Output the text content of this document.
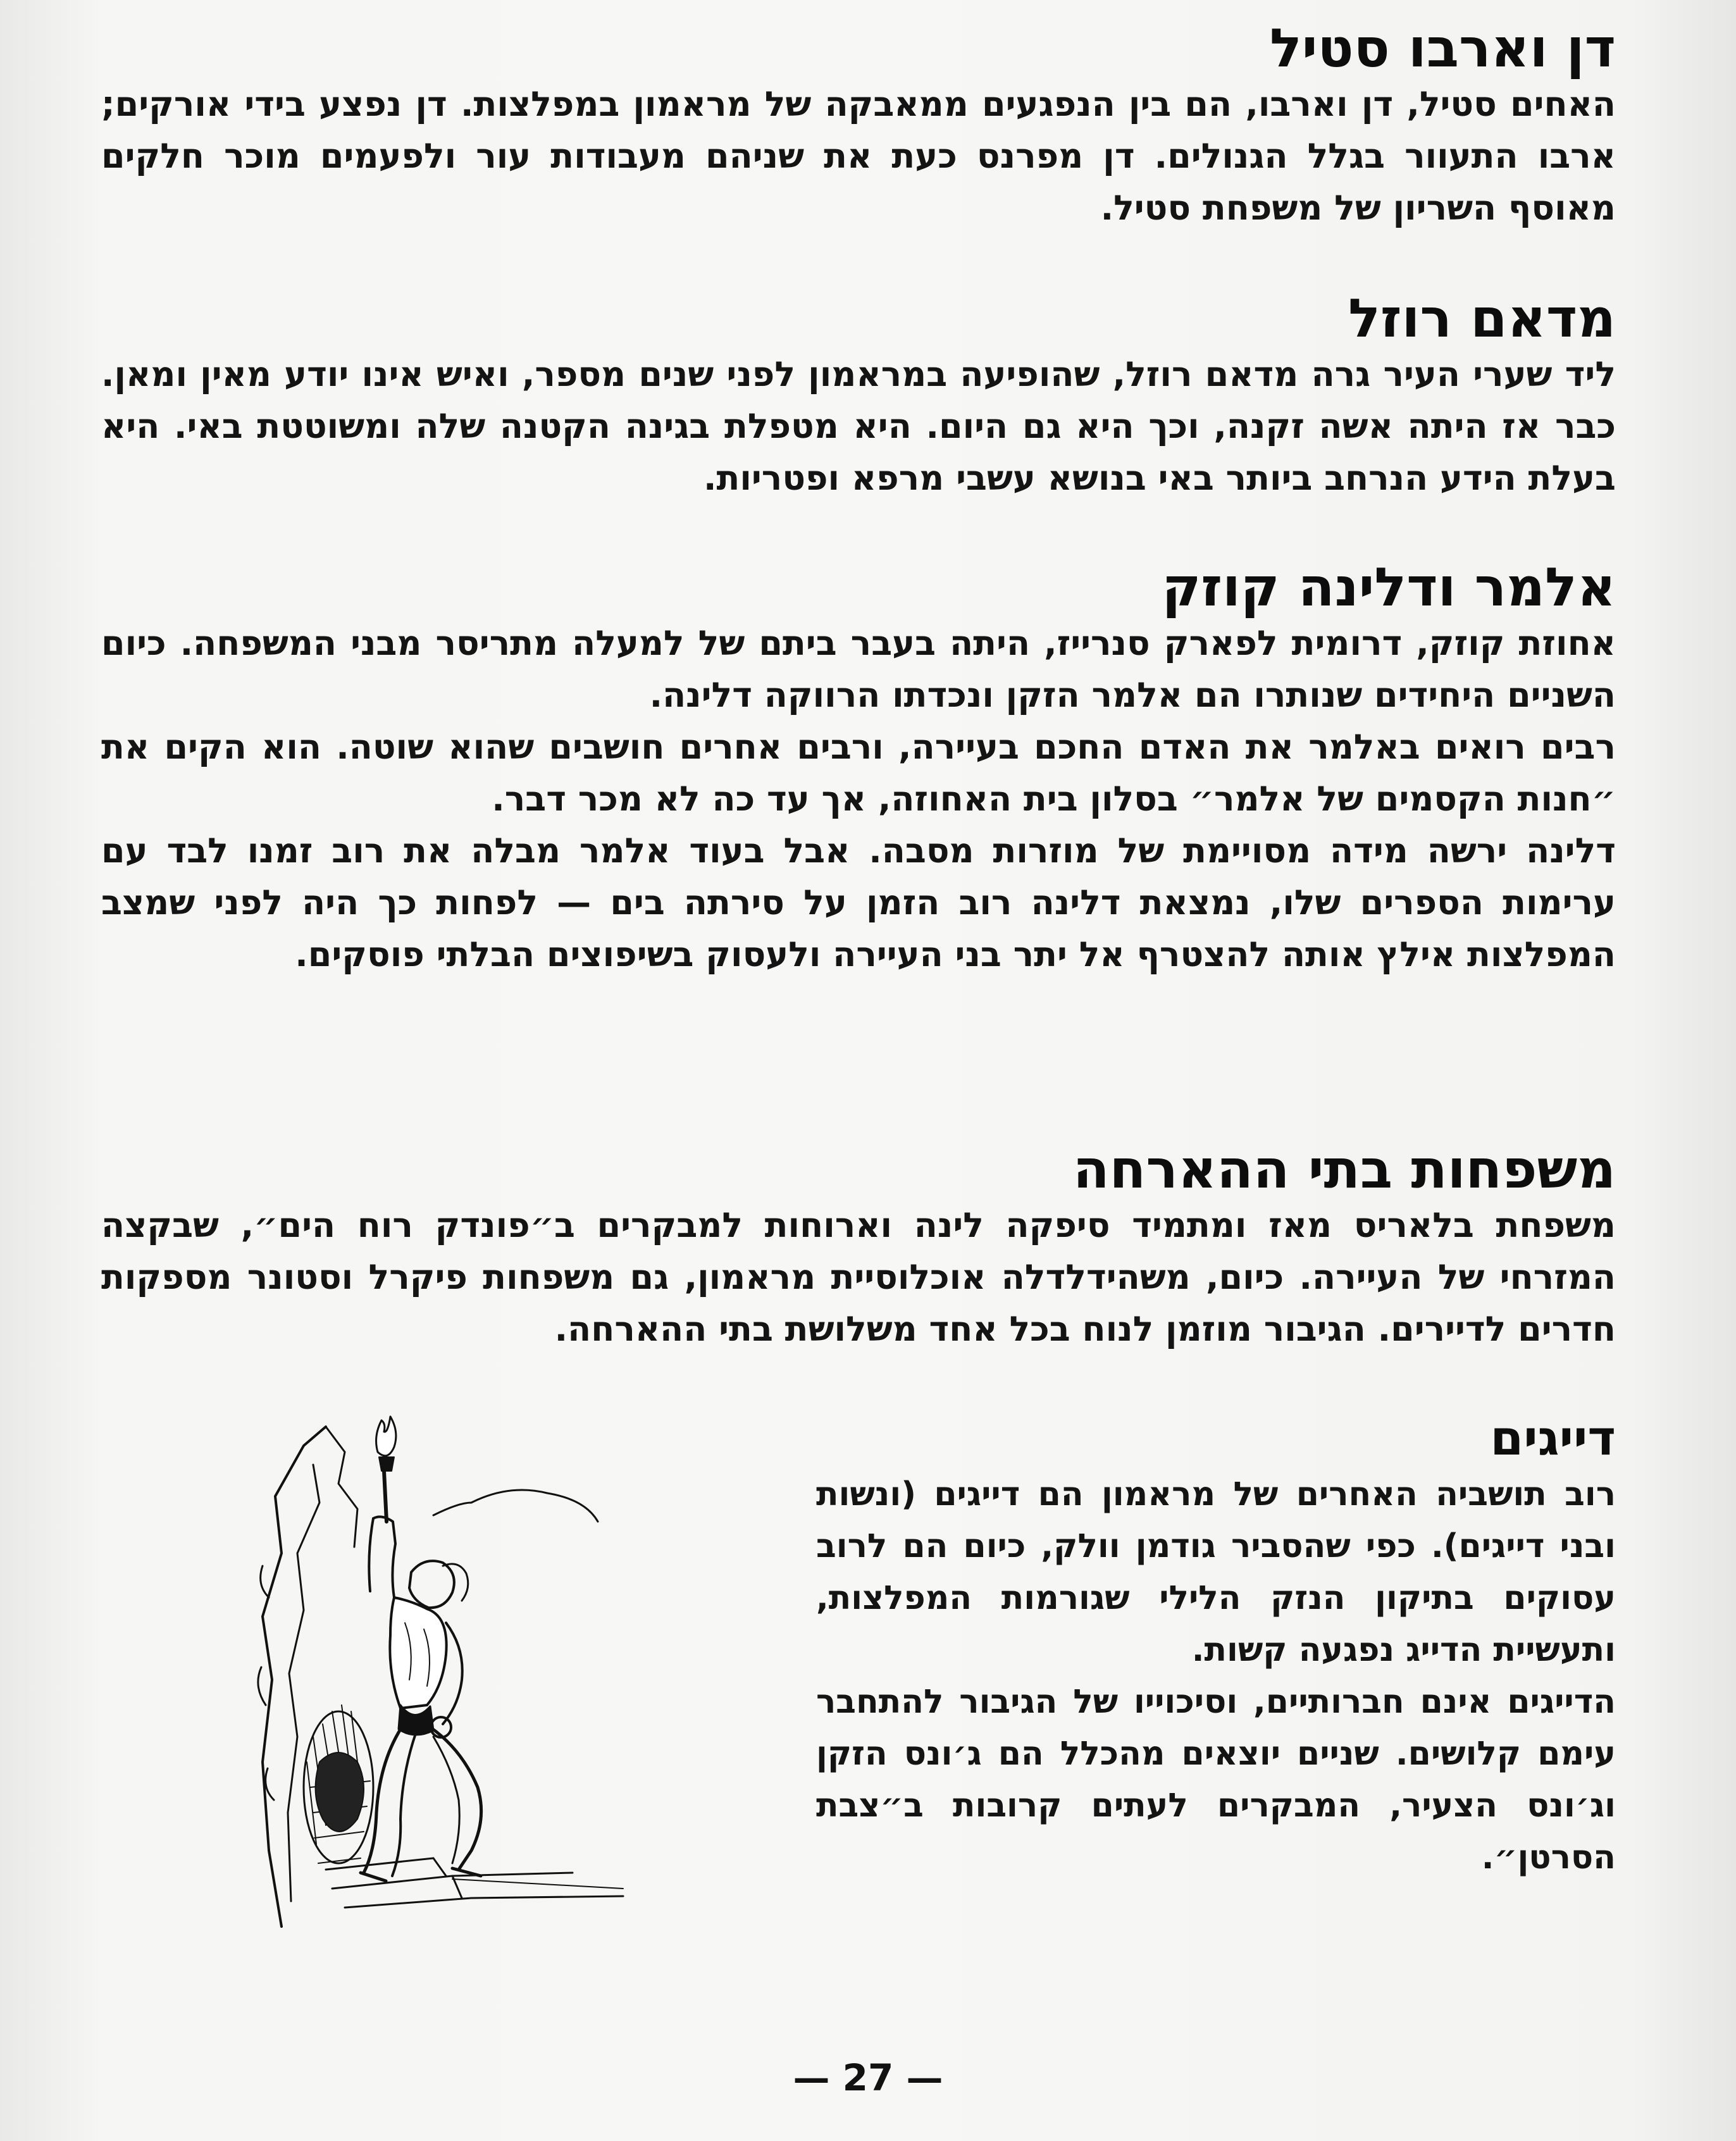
דן וארבו סטיל

האחים סטיל, דן וארבו, הם בין הנפגעים ממאבקה של מראמון במפלצות. דן נפצע בידי אורקים; ארבו התעוור בגלל הגנולים. דן מפרנס כעת את שניהם מעבודות עור ולפעמים מוכר חלקים מאוסף השריון של משפחת סטיל.

מדאם רוזל

ליד שערי העיר גרה מדאם רוזל, שהופיעה במראמון לפני שנים מספר, ואיש אינו יודע מאין ומאן. כבר אז היתה אשה זקנה, וכך היא גם היום. היא מטפלת בגינה הקטנה שלה ומשוטטת באי. היא בעלת הידע הנרחב ביותר באי בנושא עשבי מרפא ופטריות.

אלמר ודלינה קוזק

אחוזת קוזק, דרומית לפארק סנרייז, היתה בעבר ביתם של למעלה מתריסר מבני המשפחה. כיום השניים היחידים שנותרו הם אלמר הזקן ונכדתו הרווקה דלינה.

רבים רואים באלמר את האדם החכם בעיירה, ורבים אחרים חושבים שהוא שוטה. הוא הקים את ״חנות הקסמים של אלמר״ בסלון בית האחוזה, אך עד כה לא מכר דבר.

דלינה ירשה מידה מסויימת של מוזרות מסבה. אבל בעוד אלמר מבלה את רוב זמנו לבד עם ערימות הספרים שלו, נמצאת דלינה רוב הזמן על סירתה בים — לפחות כך היה לפני שמצב המפלצות אילץ אותה להצטרף אל יתר בני העיירה ולעסוק בשיפוצים הבלתי פוסקים.

משפחות בתי ההארחה

משפחת בלאריס מאז ומתמיד סיפקה לינה וארוחות למבקרים ב״פונדק רוח הים״, שבקצה המזרחי של העיירה. כיום, משהידלדלה אוכלוסיית מראמון, גם משפחות פיקרל וסטונר מספקות חדרים לדיירים. הגיבור מוזמן לנוח בכל אחד משלושת בתי ההארחה.

דייגים

רוב תושביה האחרים של מראמון הם דייגים (ונשות ובני דייגים). כפי שהסביר גודמן וולק, כיום הם לרוב עסוקים בתיקון הנזק הלילי שגורמות המפלצות, ותעשיית הדייג נפגעה קשות.

הדייגים אינם חברותיים, וסיכוייו של הגיבור להתחבר עימם קלושים. שניים יוצאים מהכלל הם ג׳ונס הזקן וג׳ונס הצעיר, המבקרים לעתים קרובות ב״צבת הסרטן״.

— 27 —
